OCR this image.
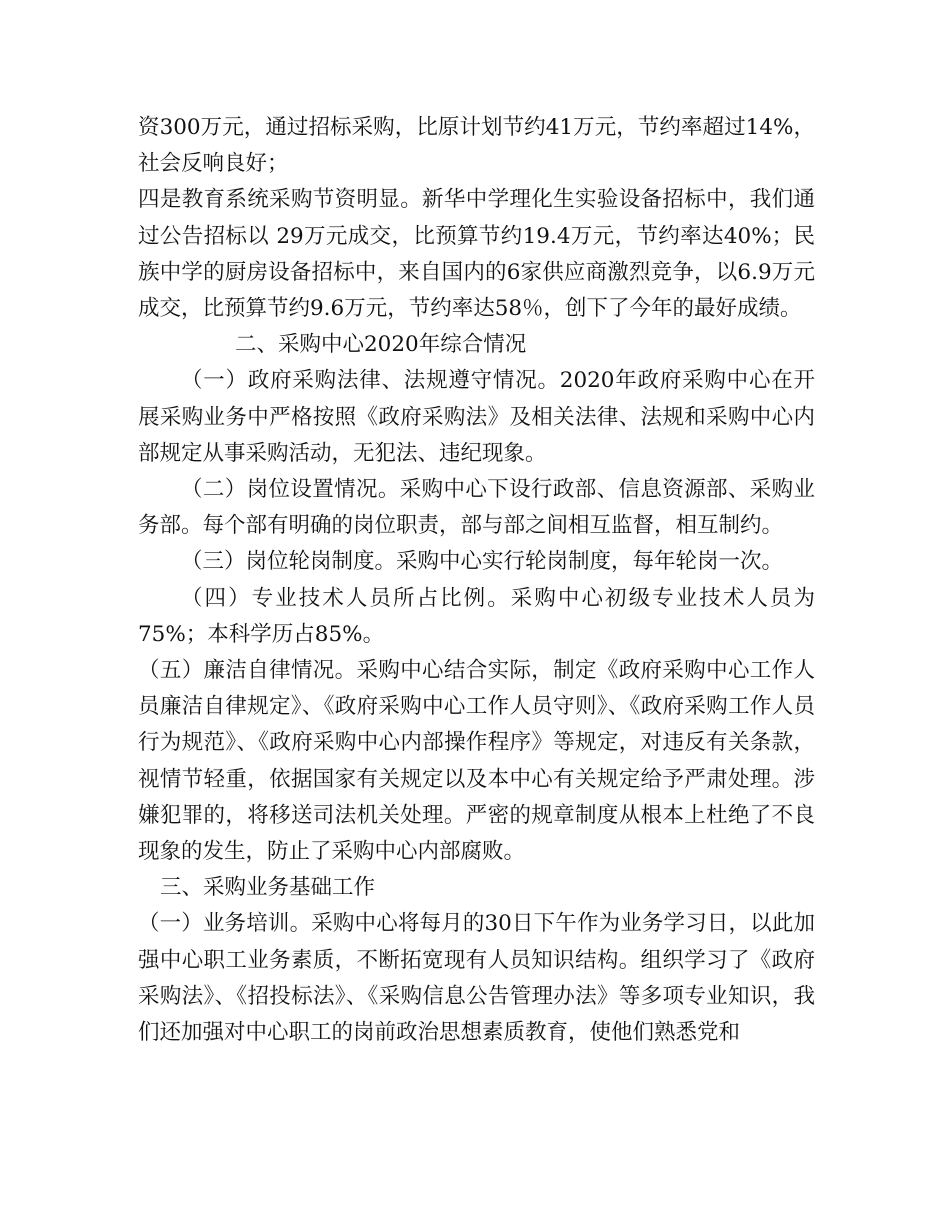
资300万元，通过招标采购，比原计划节约41万元，节约率超过14%，社会反响良好；

四是教育系统采购节资明显。新华中学理化生实验设备招标中，我们通过公告招标以 29万元成交，比预算节约19.4万元，节约率达40%；民族中学的厨房设备招标中，来自国内的6家供应商激烈竞争，以6.9万元成交，比预算节约9.6万元，节约率达58％，创下了今年的最好成绩。

二、采购中心2020年综合情况

（一）政府采购法律、法规遵守情况。2020年政府采购中心在开展采购业务中严格按照《政府采购法》及相关法律、法规和采购中心内部规定从事采购活动，无犯法、违纪现象。

（二）岗位设置情况。采购中心下设行政部、信息资源部、采购业务部。每个部有明确的岗位职责，部与部之间相互监督，相互制约。

（三）岗位轮岗制度。采购中心实行轮岗制度，每年轮岗一次。

（四）专业技术人员所占比例。采购中心初级专业技术人员为75%；本科学历占85%。

（五）廉洁自律情况。采购中心结合实际，制定《政府采购中心工作人员廉洁自律规定》、《政府采购中心工作人员守则》、《政府采购工作人员行为规范》、《政府采购中心内部操作程序》等规定，对违反有关条款，视情节轻重，依据国家有关规定以及本中心有关规定给予严肃处理。涉嫌犯罪的，将移送司法机关处理。严密的规章制度从根本上杜绝了不良现象的发生，防止了采购中心内部腐败。

三、采购业务基础工作

（一）业务培训。采购中心将每月的30日下午作为业务学习日，以此加强中心职工业务素质，不断拓宽现有人员知识结构。组织学习了《政府采购法》、《招投标法》、《采购信息公告管理办法》等多项专业知识，我们还加强对中心职工的岗前政治思想素质教育，使他们熟悉党和
